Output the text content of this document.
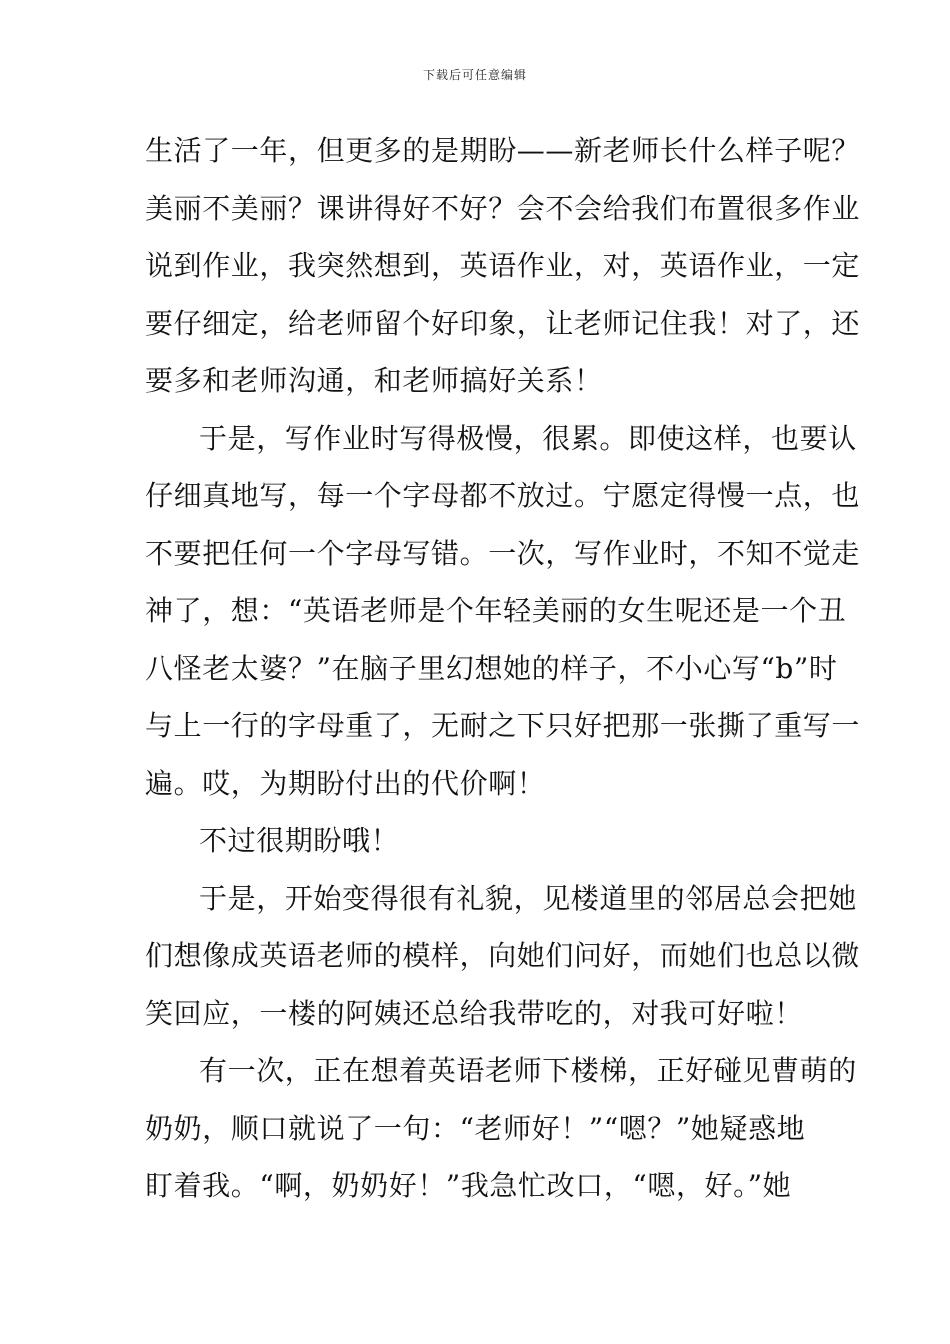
下载后可任意编辑
生活了一年，但更多的是期盼——新老师长什么样子呢？
美丽不美丽？课讲得好不好？会不会给我们布置很多作业
说到作业，我突然想到，英语作业，对，英语作业，一定
要仔细定，给老师留个好印象，让老师记住我！对了，还
要多和老师沟通，和老师搞好关系！
于是，写作业时写得极慢，很累。即使这样，也要认
仔细真地写，每一个字母都不放过。宁愿定得慢一点，也
不要把任何一个字母写错。一次，写作业时，不知不觉走
神了，想：“英语老师是个年轻美丽的女生呢还是一个丑
八怪老太婆？”在脑子里幻想她的样子，不小心写“b”时
与上一行的字母重了，无耐之下只好把那一张撕了重写一
遍。哎，为期盼付出的代价啊！
不过很期盼哦！
于是，开始变得很有礼貌，见楼道里的邻居总会把她
们想像成英语老师的模样，向她们问好，而她们也总以微
笑回应，一楼的阿姨还总给我带吃的，对我可好啦！
有一次，正在想着英语老师下楼梯，正好碰见曹萌的
奶奶，顺口就说了一句：“老师好！”“嗯？”她疑惑地
盯着我。“啊，奶奶好！”我急忙改口，“嗯，好。”她
